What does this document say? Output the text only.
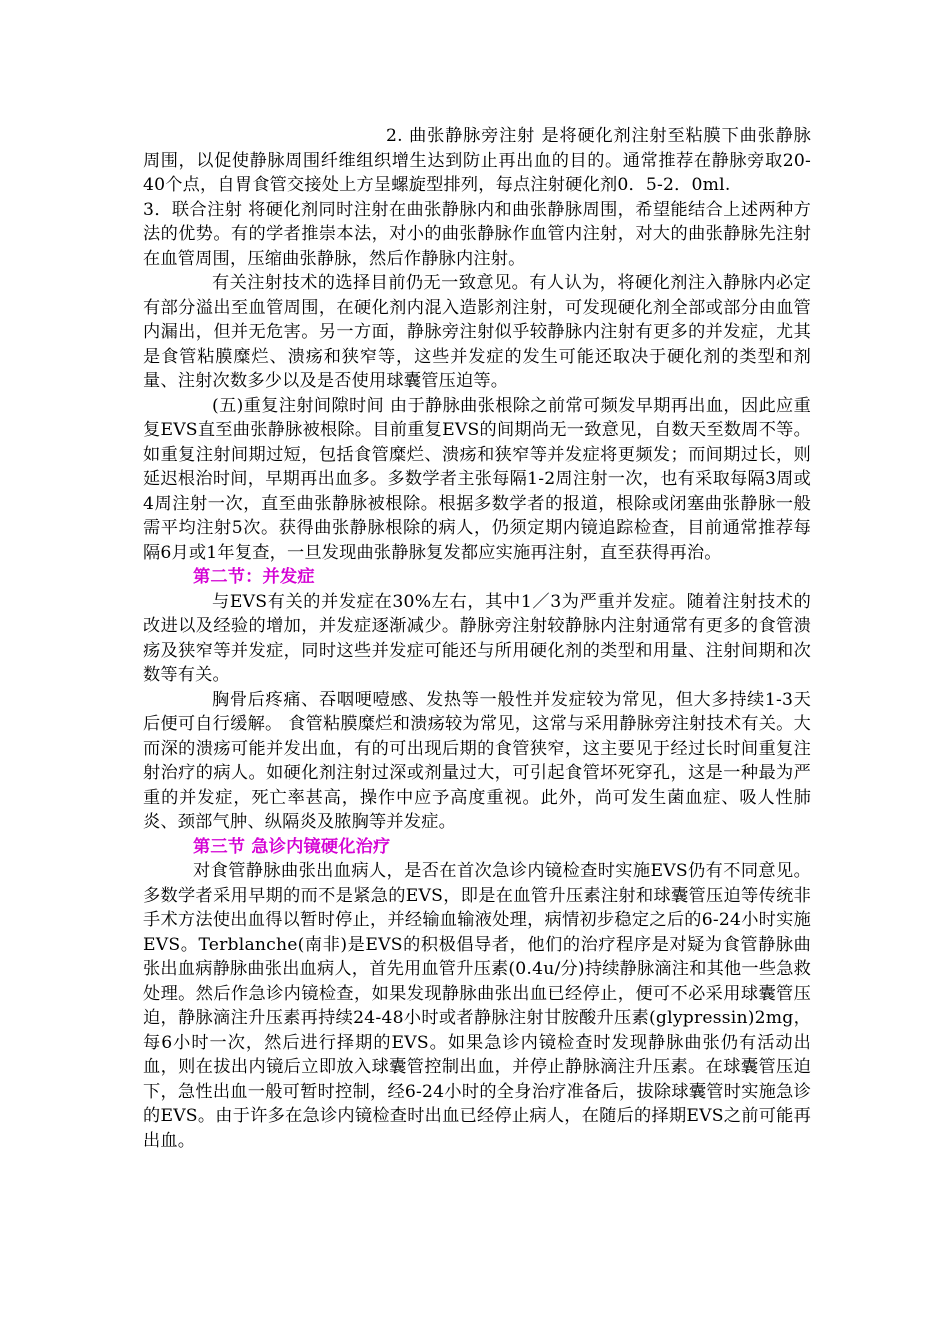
2. 曲张静脉旁注射 是将硬化剂注射至粘膜下曲张静脉周围，以促使静脉周围纤维组织增生达到防止再出血的目的。通常推荐在静脉旁取20-40个点，自胃食管交接处上方呈螺旋型排列，每点注射硬化剂0．5-2．0ml.

3．联合注射 将硬化剂同时注射在曲张静脉内和曲张静脉周围，希望能结合上述两种方法的优势。有的学者推崇本法，对小的曲张静脉作血管内注射，对大的曲张静脉先注射在血管周围，压缩曲张静脉，然后作静脉内注射。

有关注射技术的选择目前仍无一致意见。有人认为，将硬化剂注入静脉内必定有部分溢出至血管周围，在硬化剂内混入造影剂注射，可发现硬化剂全部或部分由血管内漏出，但并无危害。另一方面，静脉旁注射似乎较静脉内注射有更多的并发症，尤其是食管粘膜糜烂、溃疡和狭窄等，这些并发症的发生可能还取决于硬化剂的类型和剂量、注射次数多少以及是否使用球囊管压迫等。

(五)重复注射间隙时间 由于静脉曲张根除之前常可频发早期再出血，因此应重复EVS直至曲张静脉被根除。目前重复EVS的间期尚无一致意见，自数天至数周不等。如重复注射间期过短，包括食管糜烂、溃疡和狭窄等并发症将更频发；而间期过长，则延迟根治时间，早期再出血多。多数学者主张每隔1-2周注射一次，也有采取每隔3周或4周注射一次，直至曲张静脉被根除。根据多数学者的报道，根除或闭塞曲张静脉一般需平均注射5次。获得曲张静脉根除的病人，仍须定期内镜追踪检查，目前通常推荐每隔6月或1年复查，一旦发现曲张静脉复发都应实施再注射，直至获得再治。

第二节：并发症

与EVS有关的并发症在30%左右，其中1／3为严重并发症。随着注射技术的改进以及经验的增加，并发症逐渐减少。静脉旁注射较静脉内注射通常有更多的食管溃疡及狭窄等并发症，同时这些并发症可能还与所用硬化剂的类型和用量、注射间期和次数等有关。

胸骨后疼痛、吞咽哽噎感、发热等一般性并发症较为常见，但大多持续1-3天后便可自行缓解。 食管粘膜糜烂和溃疡较为常见，这常与采用静脉旁注射技术有关。大而深的溃疡可能并发出血，有的可出现后期的食管狭窄，这主要见于经过长时间重复注射治疗的病人。如硬化剂注射过深或剂量过大，可引起食管坏死穿孔，这是一种最为严重的并发症，死亡率甚高，操作中应予高度重视。此外，尚可发生菌血症、吸人性肺炎、颈部气肿、纵隔炎及脓胸等并发症。

第三节 急诊内镜硬化治疗

对食管静脉曲张出血病人，是否在首次急诊内镜检查时实施EVS仍有不同意见。多数学者采用早期的而不是紧急的EVS，即是在血管升压素注射和球囊管压迫等传统非手术方法使出血得以暂时停止，并经输血输液处理，病情初步稳定之后的6-24小时实施EVS。Terblanche(南非)是EVS的积极倡导者，他们的治疗程序是对疑为食管静脉曲张出血病静脉曲张出血病人，首先用血管升压素(0.4u/分)持续静脉滴注和其他一些急救处理。然后作急诊内镜检查，如果发现静脉曲张出血已经停止，便可不必采用球囊管压迫，静脉滴注升压素再持续24-48小时或者静脉注射甘胺酸升压素(glypressin)2mg，每6小时一次，然后进行择期的EVS。如果急诊内镜检查时发现静脉曲张仍有活动出血，则在拔出内镜后立即放入球囊管控制出血，并停止静脉滴注升压素。在球囊管压迫下，急性出血一般可暂时控制，经6-24小时的全身治疗准备后，拔除球囊管时实施急诊的EVS。由于许多在急诊内镜检查时出血已经停止病人，在随后的择期EVS之前可能再出血。
